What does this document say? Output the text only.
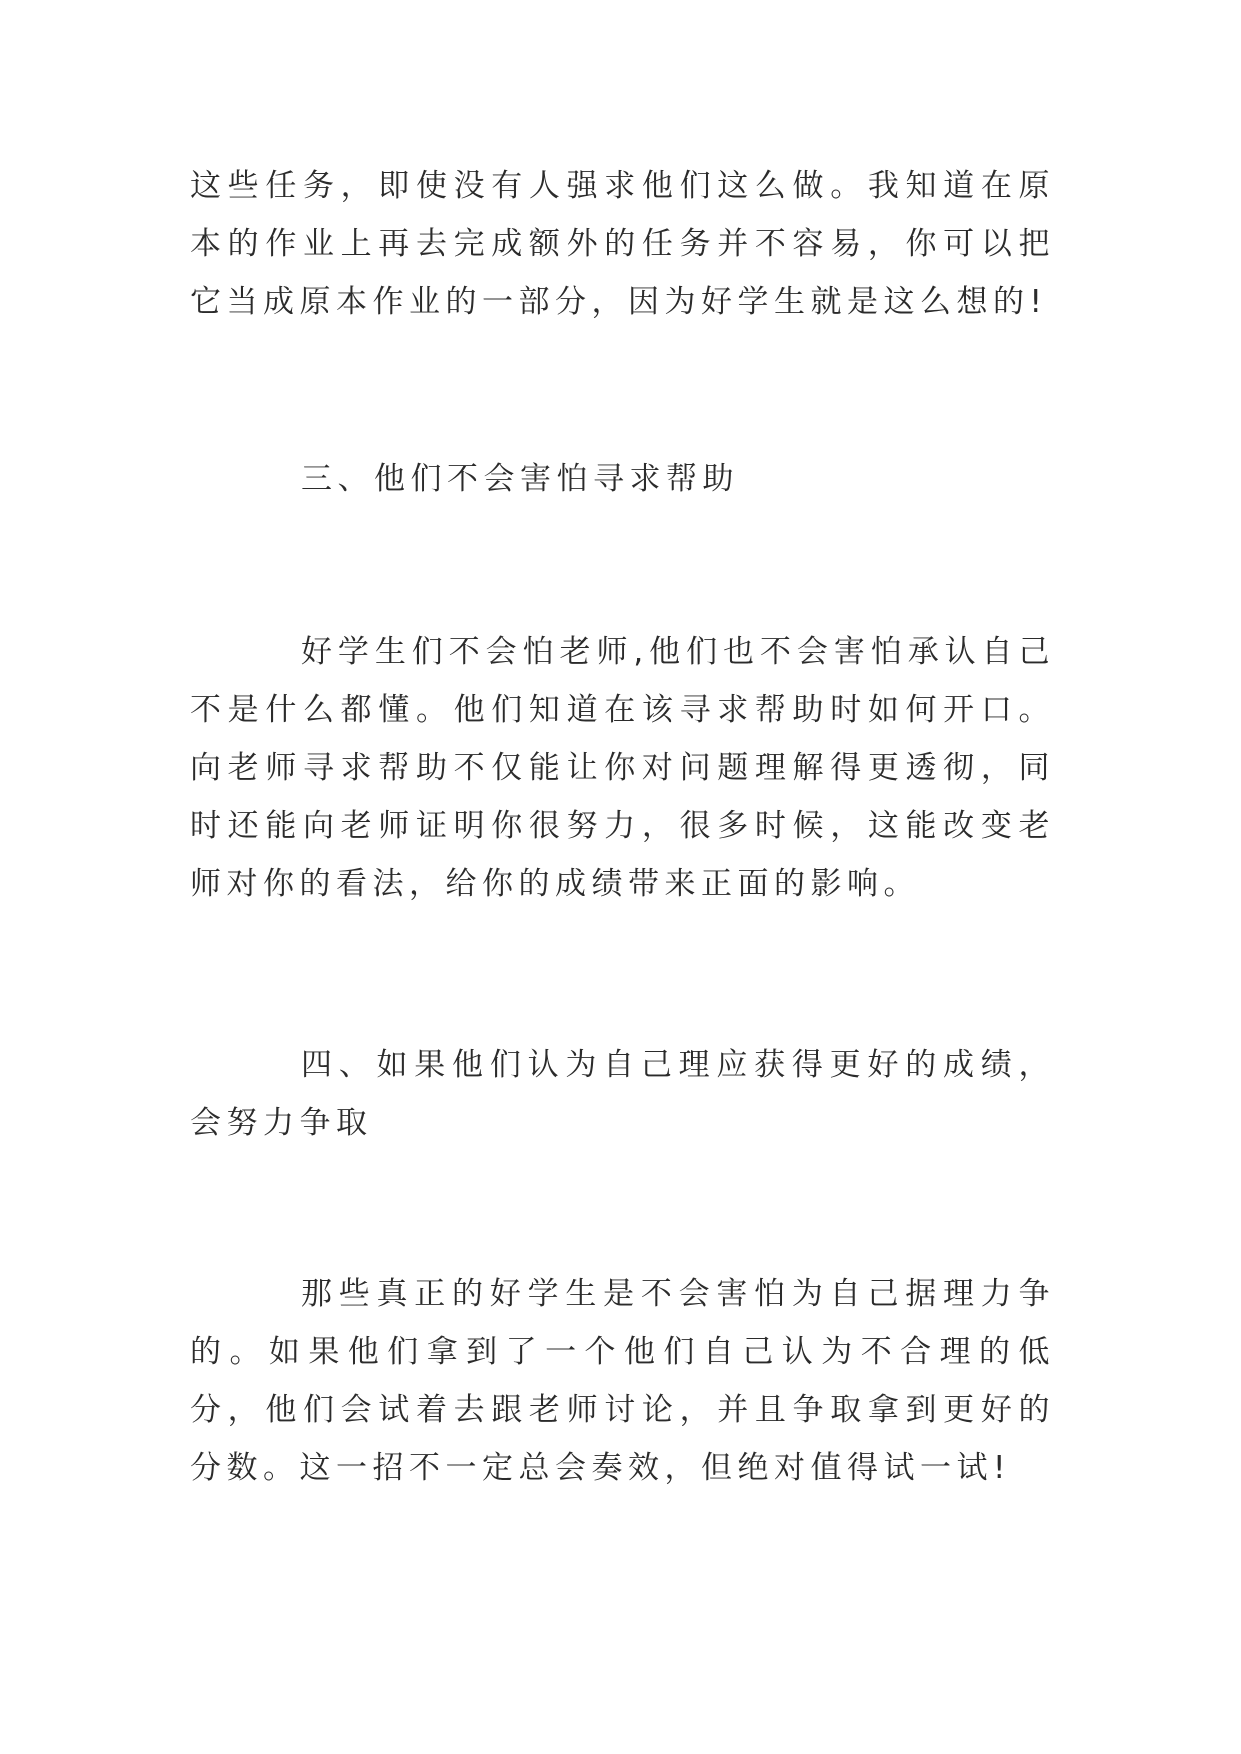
这些任务，即使没有人强求他们这么做。我知道在原本的作业上再去完成额外的任务并不容易，你可以把它当成原本作业的一部分，因为好学生就是这么想的!

三、他们不会害怕寻求帮助

好学生们不会怕老师,他们也不会害怕承认自己不是什么都懂。他们知道在该寻求帮助时如何开口。向老师寻求帮助不仅能让你对问题理解得更透彻，同时还能向老师证明你很努力，很多时候，这能改变老师对你的看法，给你的成绩带来正面的影响。

四、如果他们认为自己理应获得更好的成绩，会努力争取

那些真正的好学生是不会害怕为自己据理力争的。如果他们拿到了一个他们自己认为不合理的低分，他们会试着去跟老师讨论，并且争取拿到更好的分数。这一招不一定总会奏效，但绝对值得试一试!
